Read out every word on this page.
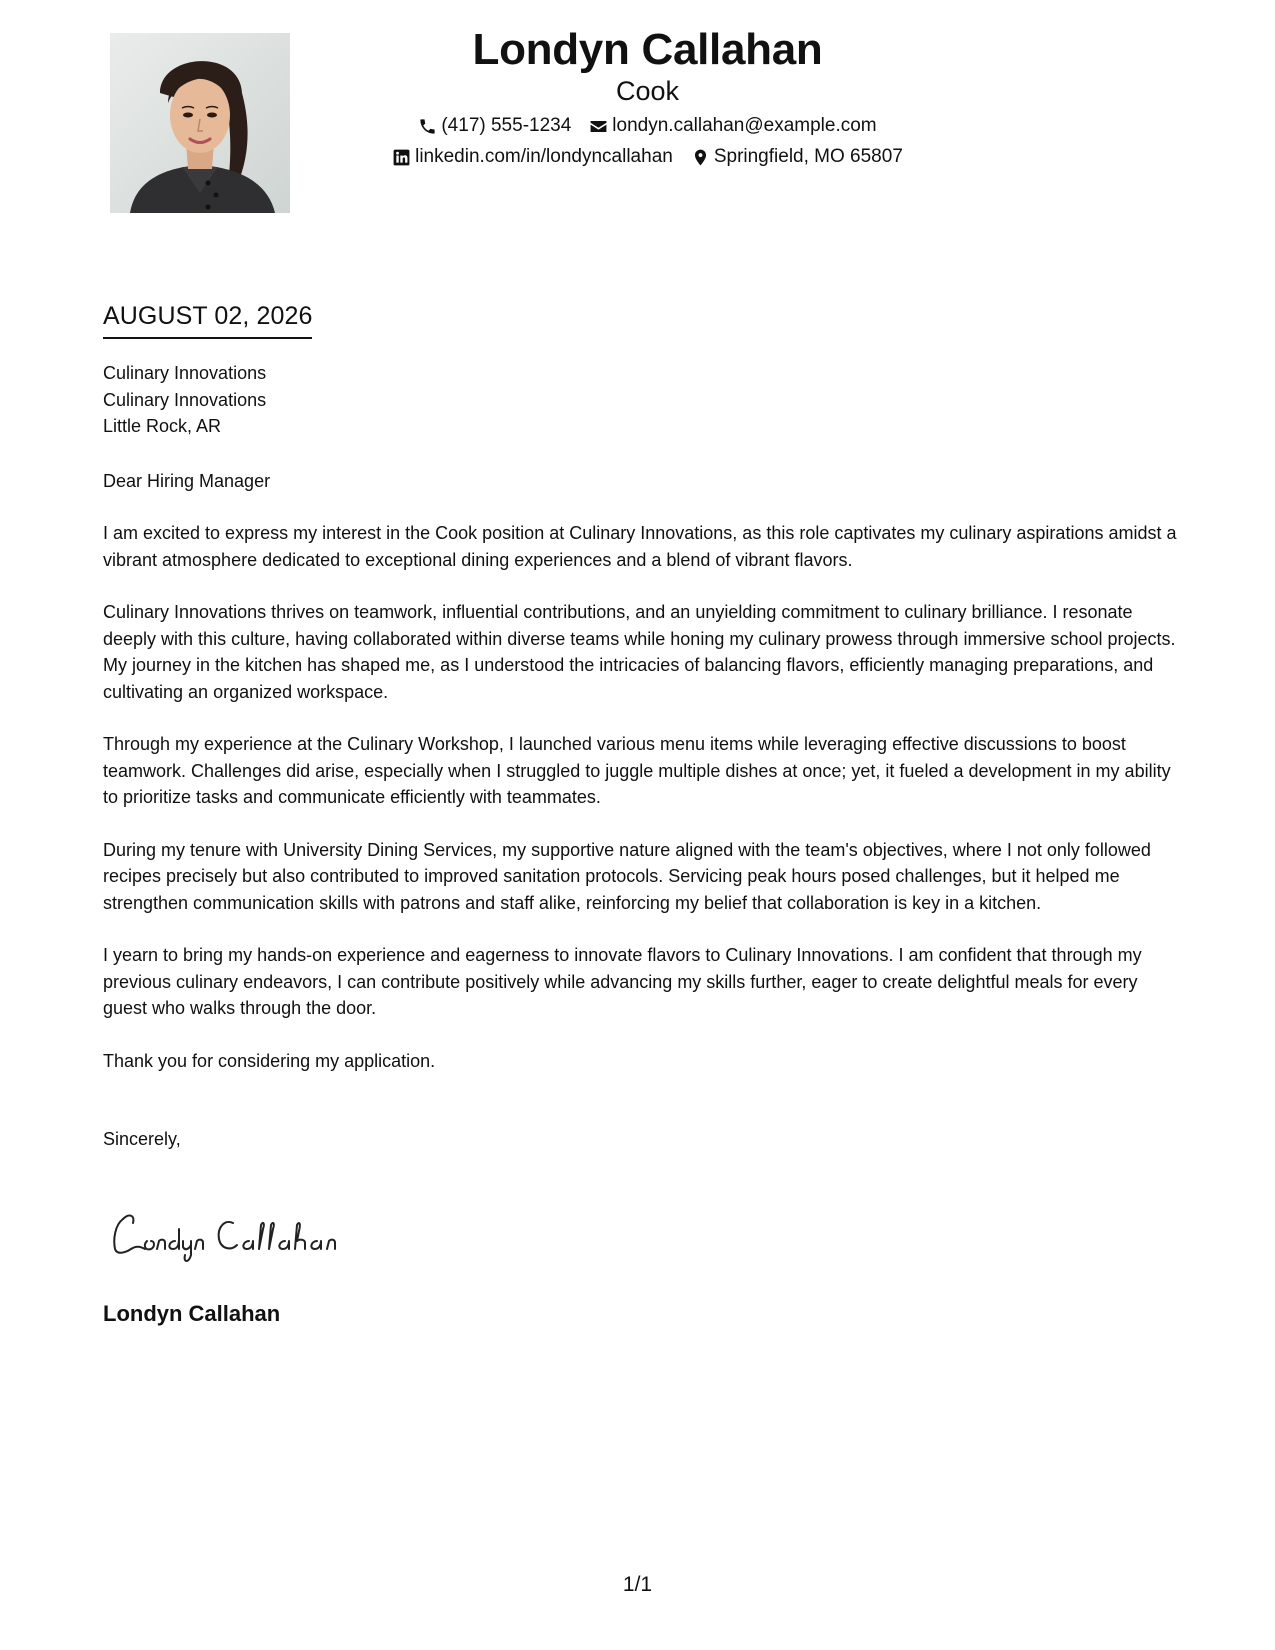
Londyn Callahan
Cook
(417) 555-1234 londyn.callahan@example.com
linkedin.com/in/londyncallahan Springfield, MO 65807
AUGUST 02, 2026
Culinary Innovations
Culinary Innovations
Little Rock, AR
Dear Hiring Manager

I am excited to express my interest in the Cook position at Culinary Innovations, as this role captivates my culinary aspirations amidst a vibrant atmosphere dedicated to exceptional dining experiences and a blend of vibrant flavors.

Culinary Innovations thrives on teamwork, influential contributions, and an unyielding commitment to culinary brilliance. I resonate deeply with this culture, having collaborated within diverse teams while honing my culinary prowess through immersive school projects. My journey in the kitchen has shaped me, as I understood the intricacies of balancing flavors, efficiently managing preparations, and cultivating an organized workspace.

Through my experience at the Culinary Workshop, I launched various menu items while leveraging effective discussions to boost teamwork. Challenges did arise, especially when I struggled to juggle multiple dishes at once; yet, it fueled a development in my ability to prioritize tasks and communicate efficiently with teammates.

During my tenure with University Dining Services, my supportive nature aligned with the team's objectives, where I not only followed recipes precisely but also contributed to improved sanitation protocols. Servicing peak hours posed challenges, but it helped me strengthen communication skills with patrons and staff alike, reinforcing my belief that collaboration is key in a kitchen.

I yearn to bring my hands-on experience and eagerness to innovate flavors to Culinary Innovations. I am confident that through my previous culinary endeavors, I can contribute positively while advancing my skills further, eager to create delightful meals for every guest who walks through the door.

Thank you for considering my application.

Sincerely,
Londyn Callahan
1/1
